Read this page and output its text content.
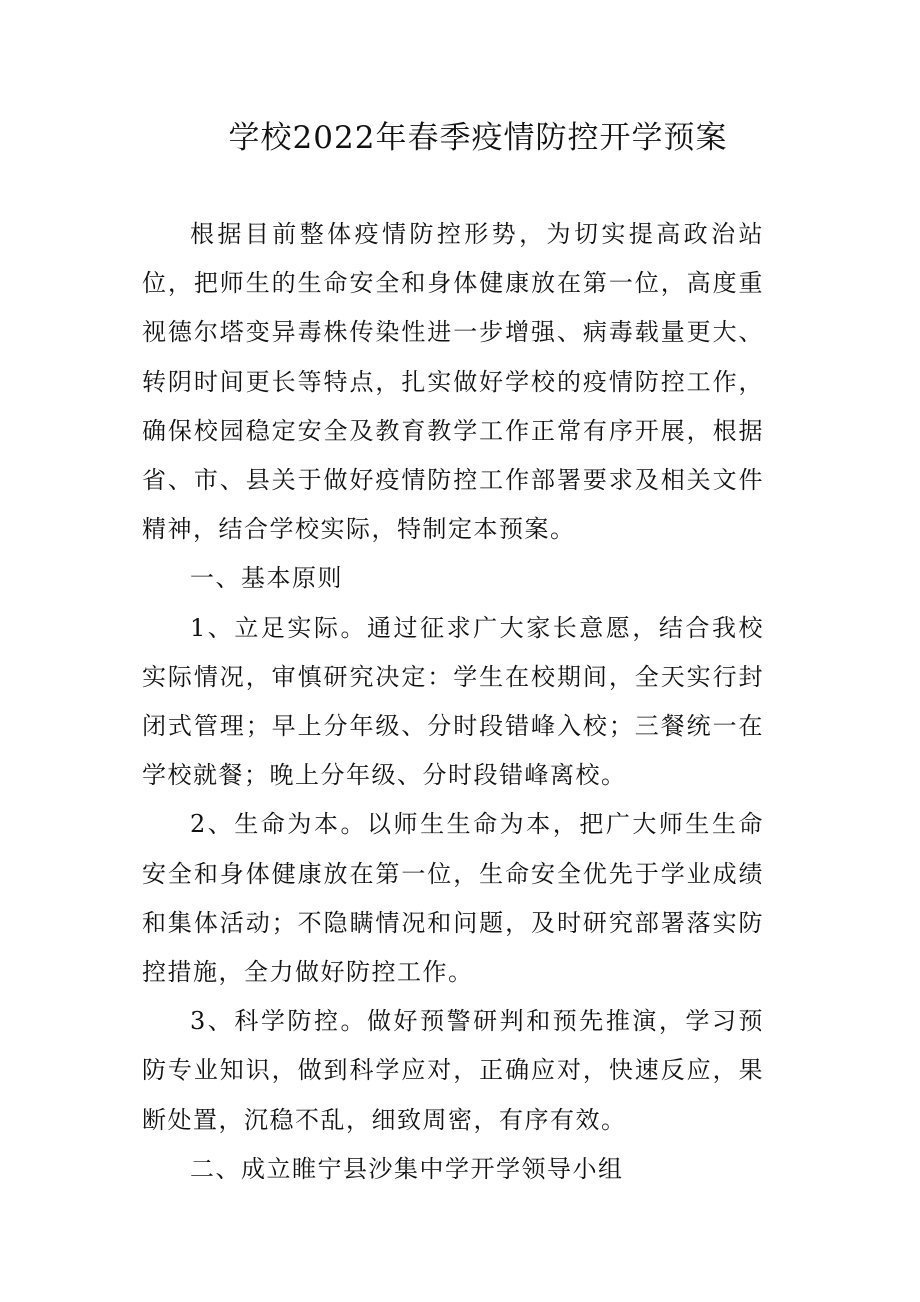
学校2022年春季疫情防控开学预案

根据目前整体疫情防控形势，为切实提高政治站位，把师生的生命安全和身体健康放在第一位，高度重视德尔塔变异毒株传染性进一步增强、病毒载量更大、转阴时间更长等特点，扎实做好学校的疫情防控工作，确保校园稳定安全及教育教学工作正常有序开展，根据省、市、县关于做好疫情防控工作部署要求及相关文件精神，结合学校实际，特制定本预案。

一、基本原则

1、立足实际。通过征求广大家长意愿，结合我校实际情况，审慎研究决定：学生在校期间，全天实行封闭式管理；早上分年级、分时段错峰入校；三餐统一在学校就餐；晚上分年级、分时段错峰离校。

2、生命为本。以师生生命为本，把广大师生生命安全和身体健康放在第一位，生命安全优先于学业成绩和集体活动；不隐瞒情况和问题，及时研究部署落实防控措施，全力做好防控工作。

3、科学防控。做好预警研判和预先推演，学习预防专业知识，做到科学应对，正确应对，快速反应，果断处置，沉稳不乱，细致周密，有序有效。

二、成立睢宁县沙集中学开学领导小组
